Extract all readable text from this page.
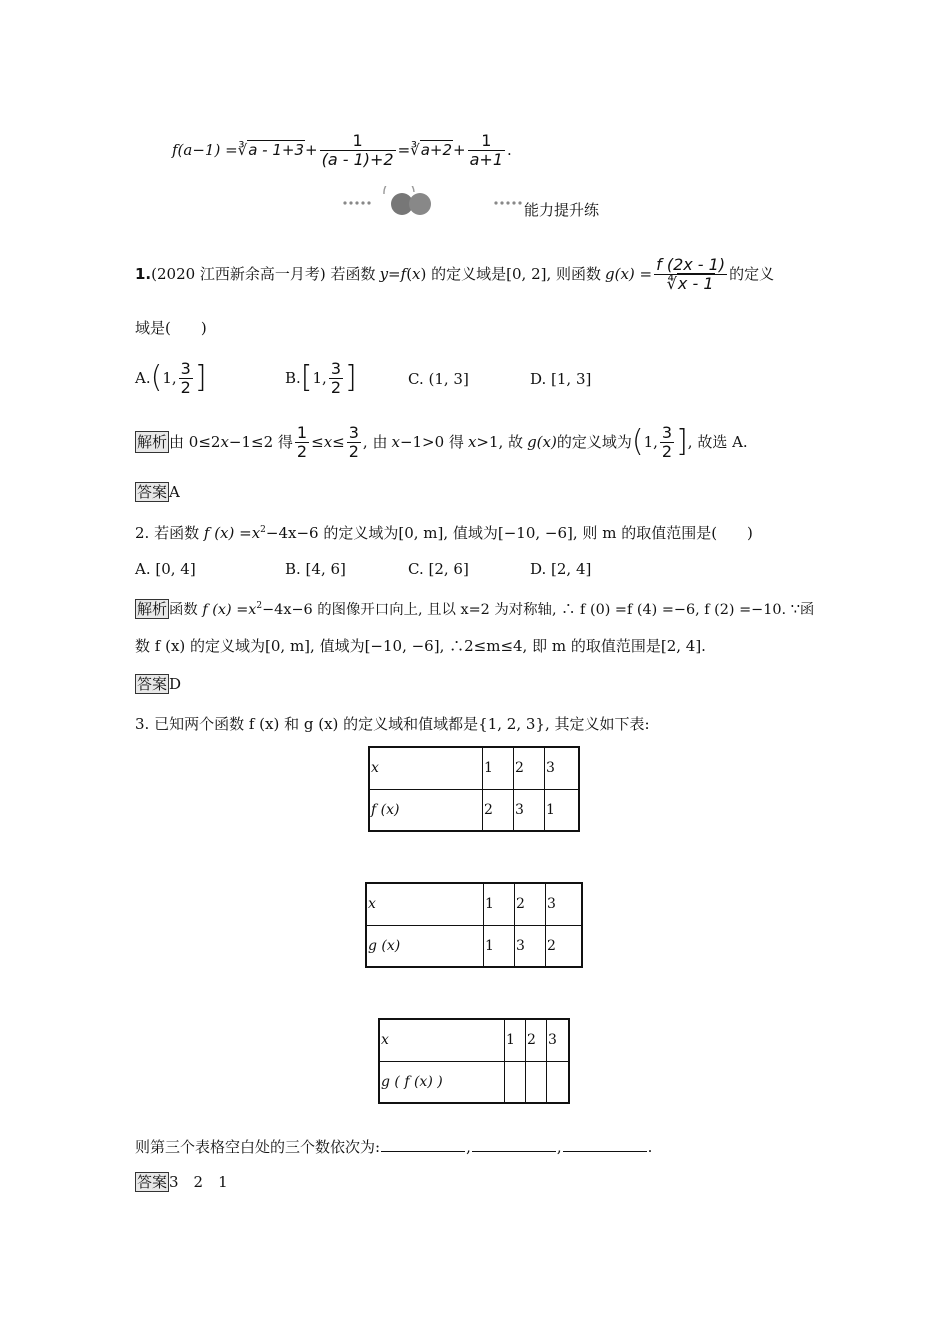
f(a−1) = ∛a - $1+3 + \frac{1}{(a - 1)+2}$ = ∛a+2 + $\frac{1}{a+1}$ .
能力提升练
1. (2020 江西新余高一月考) 若函数 y = f ( x ) 的定义域是[0, 2], 则函数 g $(x) = \frac{f (2x - 1)}{∜x - 1}$ 的定义
域是(　　)
A. ( 1, $\frac{3}{2}$ ]	B. [ 1, $\frac{3}{2}$ ]	C. (1, 3]	D. [1, 3]
解析 由 0≤2 x −1≤2 得 $\frac{1}{2} \le x \le \frac{3}{2}$ , 由 x −1>0 得 x >1, 故 g(x) 的定义域为 ( 1, $\frac{3}{2}$ ] , 故选 A.
答案 A
2. 若函数 f $(x) =x^2-4x-6$ 的定义域为[0, m], 值域为[−10, −6], 则 m 的取值范围是(　　)
A. [0, 4]	B. [4, 6]	C. [2, 6]	D. [2, 4]
解析 函数 f $(x) =x^2-4x-6$ 的图像开口向上, 且以 x=2 为对称轴, ∴ f (0) =f (4) =−6, f (2) =−10. ∵函
数 f (x) 的定义域为[0, m], 值域为[−10, −6], ∴2≤m≤4, 即 m 的取值范围是[2, 4].
答案 D
3. 已知两个函数 f (x) 和 g (x) 的定义域和值域都是{1, 2, 3}, 其定义如下表:
x	1	2	3

f (x)	2	3	1
x	1	2	3

g (x)	1	3	2
x	1	2	3

g ( f (x) )			

则第三个表格空白处的三个数依次为:	,	,	.
答案 3　2　1
